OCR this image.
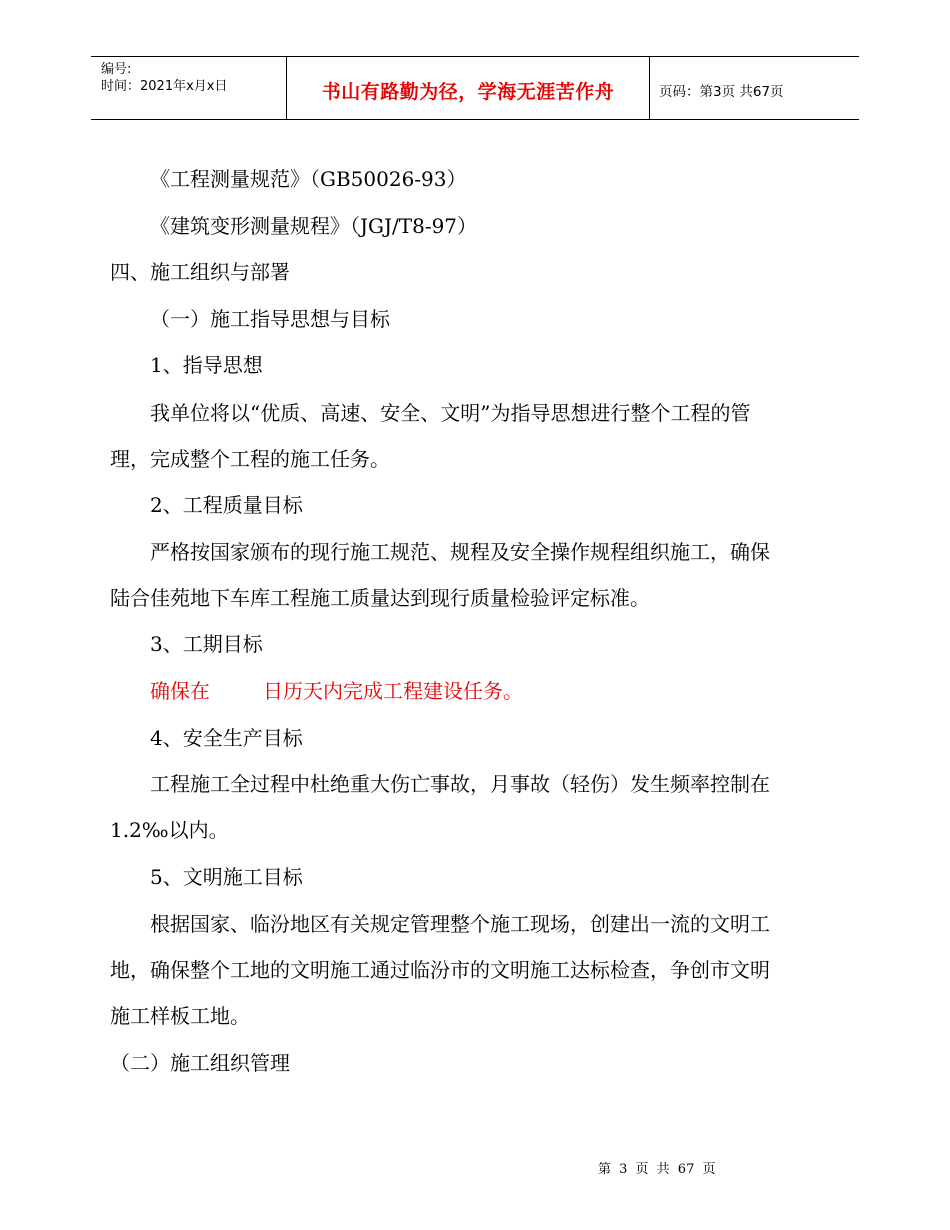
编号:
时间：2021年x月x日	书山有路勤为径，学海无涯苦作舟	页码：第3页 共67页
《工程测量规范》（GB50026-93）
《建筑变形测量规程》（JGJ/T8-97）
四、施工组织与部署
（一）施工指导思想与目标
1、指导思想
我单位将以“优质、高速、安全、文明”为指导思想进行整个工程的管
理，完成整个工程的施工任务。
2、工程质量目标
严格按国家颁布的现行施工规范、规程及安全操作规程组织施工，确保
陆合佳苑地下车库工程施工质量达到现行质量检验评定标准。
3、工期目标
确保在	日历天内完成工程建设任务。
4、安全生产目标
工程施工全过程中杜绝重大伤亡事故，月事故（轻伤）发生频率控制在
1.2‰以内。
5、文明施工目标
根据国家、临汾地区有关规定管理整个施工现场，创建出一流的文明工
地，确保整个工地的文明施工通过临汾市的文明施工达标检查，争创市文明
施工样板工地。
（二）施工组织管理
第 3 页 共 67 页
